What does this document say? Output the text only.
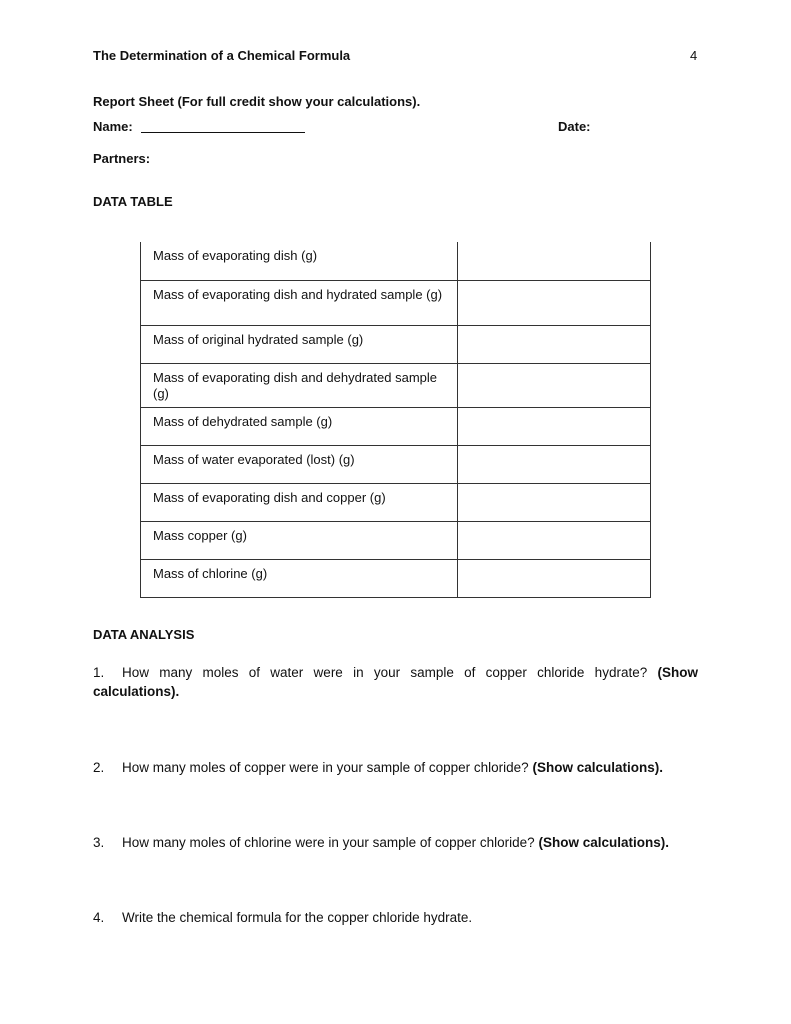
The Determination of a Chemical Formula	4
Report Sheet (For full credit show your calculations).
Name:	Date:
Partners:
DATA TABLE
Mass of evaporating dish (g)	
Mass of evaporating dish and hydrated sample (g)	
Mass of original hydrated sample (g)	
Mass of evaporating dish and dehydrated sample (g)	
Mass of dehydrated sample (g)	
Mass of water evaporated (lost) (g)	
Mass of evaporating dish and copper (g)	
Mass copper (g)	
Mass of chlorine (g)	
DATA ANALYSIS
1. How many moles of water were in your sample of copper chloride hydrate? (Show calculations).
2. How many moles of copper were in your sample of copper chloride? (Show calculations).
3. How many moles of chlorine were in your sample of copper chloride? (Show calculations).
4. Write the chemical formula for the copper chloride hydrate.
